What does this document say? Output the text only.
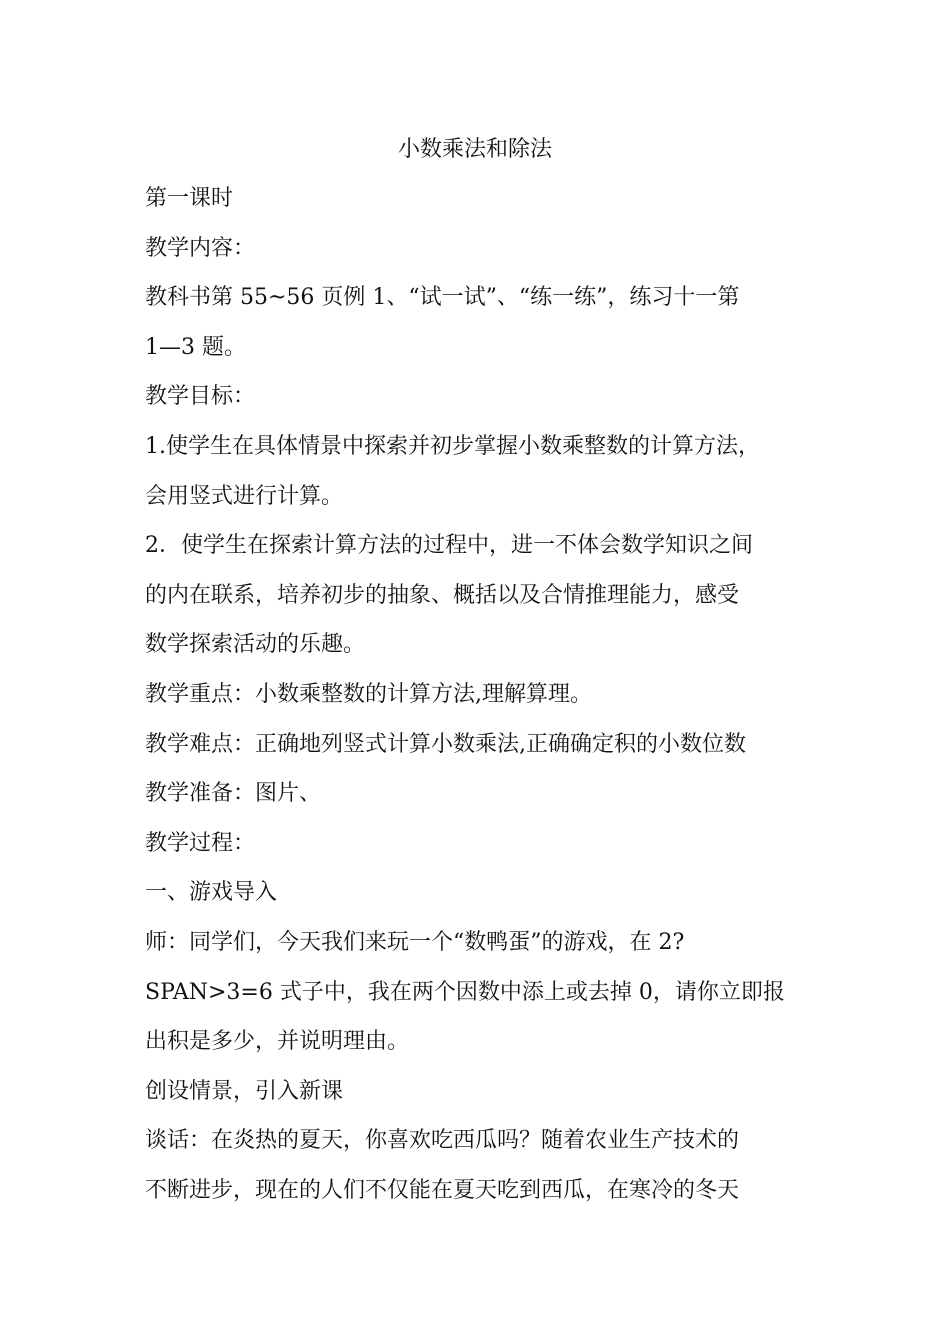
小数乘法和除法
第一课时
教学内容：
教科书第 55~56 页例 1、“试一试”、“练一练”，练习十一第
1—3 题。
教学目标：
1.使学生在具体情景中探索并初步掌握小数乘整数的计算方法，
会用竖式进行计算。
2．使学生在探索计算方法的过程中，进一不体会数学知识之间
的内在联系，培养初步的抽象、概括以及合情推理能力，感受
数学探索活动的乐趣。
教学重点：小数乘整数的计算方法,理解算理。
教学难点：正确地列竖式计算小数乘法,正确确定积的小数位数
教学准备：图片、
教学过程：
一、游戏导入
师：同学们，今天我们来玩一个“数鸭蛋”的游戏，在 2?
SPAN>3=6 式子中，我在两个因数中添上或去掉 0，请你立即报
出积是多少，并说明理由。
创设情景，引入新课
谈话：在炎热的夏天，你喜欢吃西瓜吗？随着农业生产技术的
不断进步，现在的人们不仅能在夏天吃到西瓜，在寒冷的冬天
